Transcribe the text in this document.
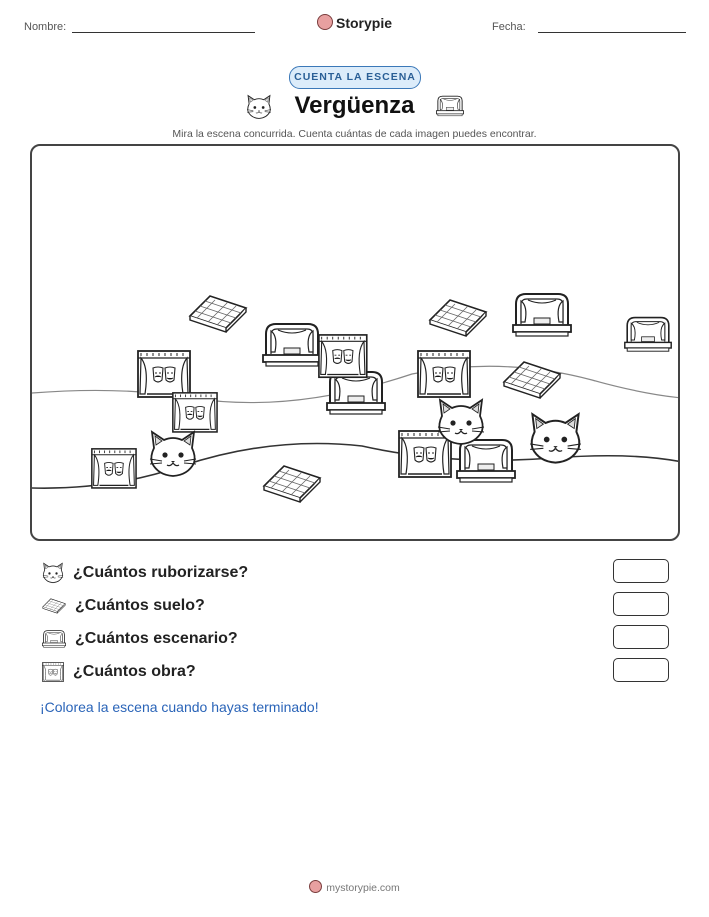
Nombre:	Storypie	Fecha:
CUENTA LA ESCENA
Vergüenza
Mira la escena concurrida. Cuenta cuántas de cada imagen puedes encontrar.
¿Cuántos ruborizarse?
¿Cuántos suelo?
¿Cuántos escenario?
¿Cuántos obra?
¡Colorea la escena cuando hayas terminado!
mystorypie.com
